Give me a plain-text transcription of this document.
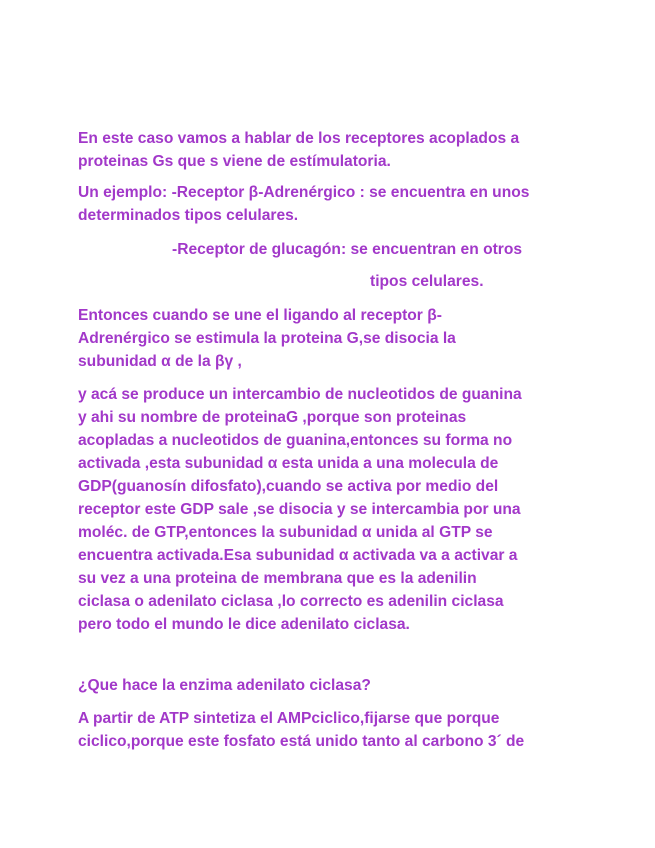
En este caso vamos a hablar de los receptores acoplados a
proteinas Gs que s viene de estímulatoria.

Un ejemplo: -Receptor β-Adrenérgico : se encuentra en unos
determinados tipos celulares.

-Receptor de glucagón: se encuentran en otros

tipos celulares.

Entonces cuando se une el ligando al receptor β-
Adrenérgico se estimula la proteina G,se disocia la
subunidad α de la βγ ,

y acá se produce un intercambio de nucleotidos de guanina
y ahi su nombre de proteinaG ,porque son proteinas
acopladas a nucleotidos de guanina,entonces su forma no
activada ,esta subunidad α esta unida a una molecula de
GDP(guanosín difosfato),cuando se activa por medio del
receptor este GDP sale ,se disocia y se intercambia por una
moléc. de GTP,entonces la subunidad α unida al GTP se
encuentra activada.Esa subunidad α activada va a activar a
su vez a una proteina de membrana que es la adenilin
ciclasa o adenilato ciclasa ,lo correcto es adenilin ciclasa
pero todo el mundo le dice adenilato ciclasa.

¿Que hace la enzima adenilato ciclasa?

A partir de ATP sintetiza el AMPciclico,fijarse que porque
ciclico,porque este fosfato está unido tanto al carbono 3´ de
